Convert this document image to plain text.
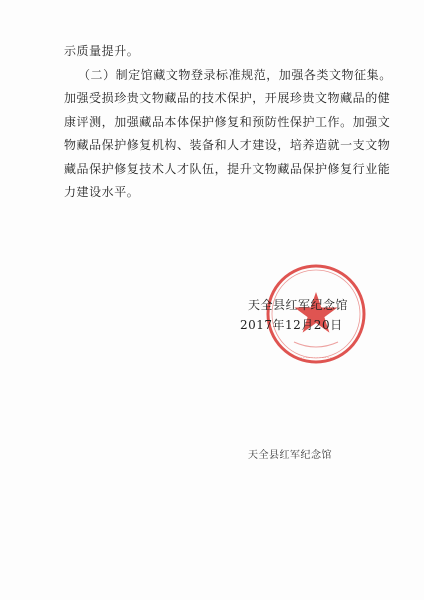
示质量提升。
（二）制定馆藏文物登录标准规范，加强各类文物征集。
加强受损珍贵文物藏品的技术保护，开展珍贵文物藏品的健
康评测，加强藏品本体保护修复和预防性保护工作。加强文
物藏品保护修复机构、装备和人才建设，培养造就一支文物
藏品保护修复技术人才队伍，提升文物藏品保护修复行业能
力建设水平。
.........................
天全县红军纪念馆
2017年12月20日
天全县红军纪念馆
